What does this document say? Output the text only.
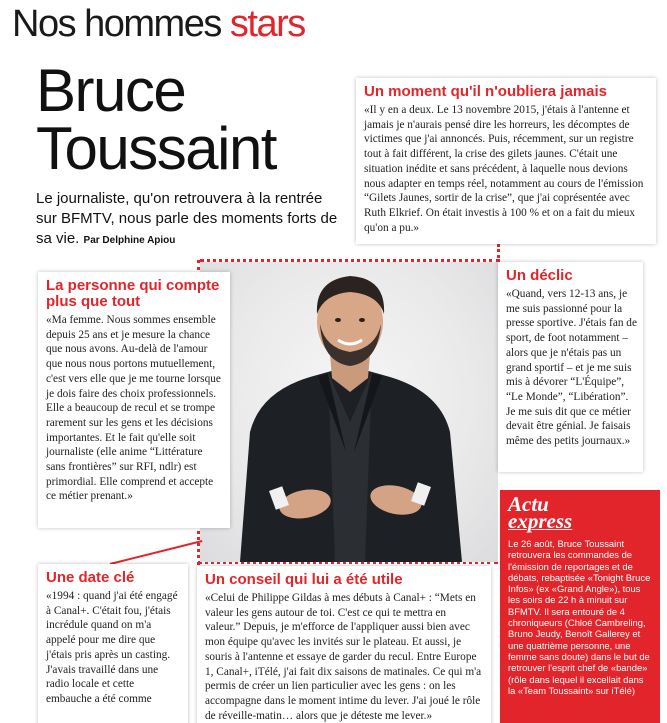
Nos hommes stars
Bruce
Toussaint

Le journaliste, qu'on retrouvera à la rentrée sur BFMTV, nous parle des moments forts de sa vie. Par Delphine Apiou

Un moment qu'il n'oubliera jamais
«Il y en a deux. Le 13 novembre 2015, j'étais à l'antenne et jamais je n'aurais pensé dire les horreurs, les décomptes de victimes que j'ai annoncés. Puis, récemment, sur un registre tout à fait différent, la crise des gilets jaunes. C'était une situation inédite et sans précédent, à laquelle nous devions nous adapter en temps réel, notamment au cours de l'émission “Gilets Jaunes, sortir de la crise”, que j'ai coprésentée avec Ruth Elkrief. On était investis à 100 % et on a fait du mieux qu'on a pu.»
La personne qui compte plus que tout
«Ma femme. Nous sommes ensemble depuis 25 ans et je mesure la chance que nous avons. Au-delà de l'amour que nous nous portons mutuellement, c'est vers elle que je me tourne lorsque je dois faire des choix professionnels. Elle a beaucoup de recul et se trompe rarement sur les gens et les décisions importantes. Et le fait qu'elle soit journaliste (elle anime “Littérature sans frontières” sur RFI, ndlr) est primordial. Elle comprend et accepte ce métier prenant.»
Un déclic
«Quand, vers 12-13 ans, je me suis passionné pour la presse sportive. J'étais fan de sport, de foot notamment – alors que je n'étais pas un grand sportif – et je me suis mis à dévorer “L'Équipe”, “Le Monde”, “Libération”. Je me suis dit que ce métier devait être génial. Je faisais même des petits journaux.»
Actu
express
Le 26 août, Bruce Toussaint retrouvera les commandes de l'émission de reportages et de débats, rebaptisée «Tonight Bruce Infos» (ex «Grand Angle»), tous les soirs de 22 h à minuit sur BFMTV. Il sera entouré de 4 chroniqueurs (Chloé Cambreling, Bruno Jeudy, Benoît Gallerey et une quatrième personne, une femme sans doute) dans le but de retrouver l'esprit chef de «bande» (rôle dans lequel il excellait dans la «Team Toussaint» sur iTélé)
Une date clé
«1994 : quand j'ai été engagé à Canal+. C'était fou, j'étais incrédule quand on m'a appelé pour me dire que j'étais pris après un casting. J'avais travaillé dans une radio locale et cette embauche a été comme
Un conseil qui lui a été utile
«Celui de Philippe Gildas à mes débuts à Canal+ : “Mets en valeur les gens autour de toi. C'est ce qui te mettra en valeur.” Depuis, je m'efforce de l'appliquer aussi bien avec mon équipe qu'avec les invités sur le plateau. Et aussi, je souris à l'antenne et essaye de garder du recul. Entre Europe 1, Canal+, iTélé, j'ai fait dix saisons de matinales. Ce qui m'a permis de créer un lien particulier avec les gens : on les accompagne dans le moment intime du lever. J'ai joué le rôle de réveille-matin… alors que je déteste me lever.»
